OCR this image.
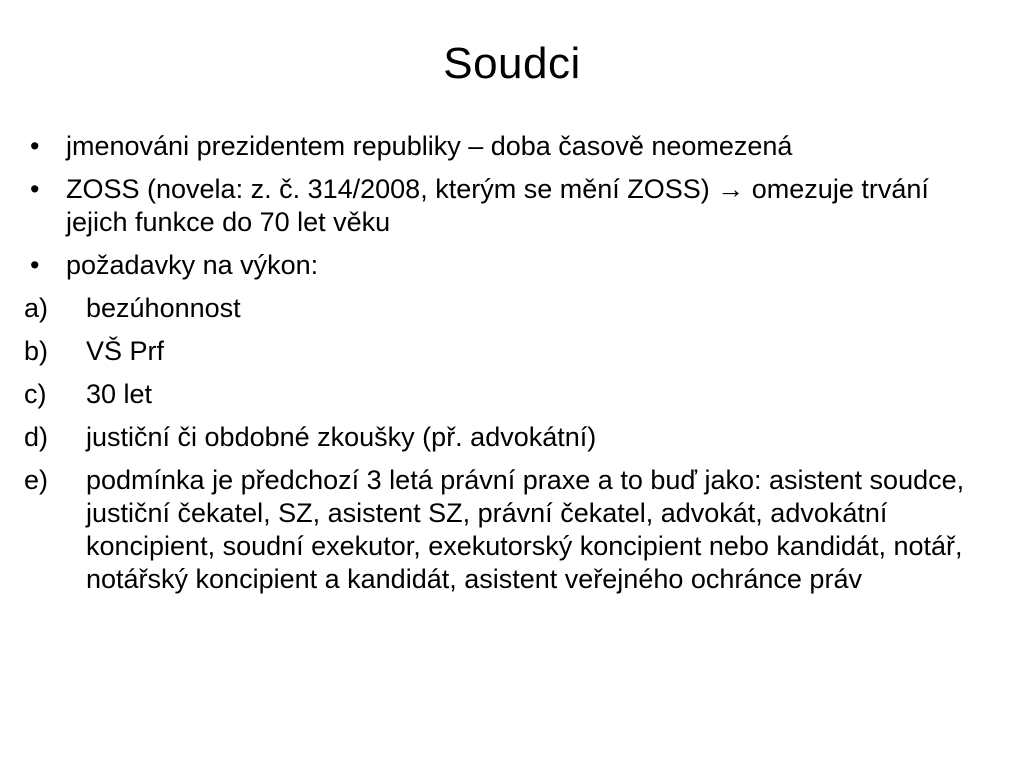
Soudci
• jmenováni prezidentem republiky – doba časově neomezená
• ZOSS (novela: z. č. 314/2008, kterým se mění ZOSS) → omezuje trvání jejich funkce do 70 let věku
• požadavky na výkon:
a)	bezúhonnost
b)	VŠ Prf
c)	30 let
d)	justiční či obdobné zkoušky (př. advokátní)
e)	podmínka je předchozí 3 letá právní praxe a to buď jako: asistent soudce, justiční čekatel, SZ, asistent SZ, právní čekatel, advokát, advokátní koncipient, soudní exekutor, exekutorský koncipient nebo kandidát, notář, notářský koncipient a kandidát, asistent veřejného ochránce práv
